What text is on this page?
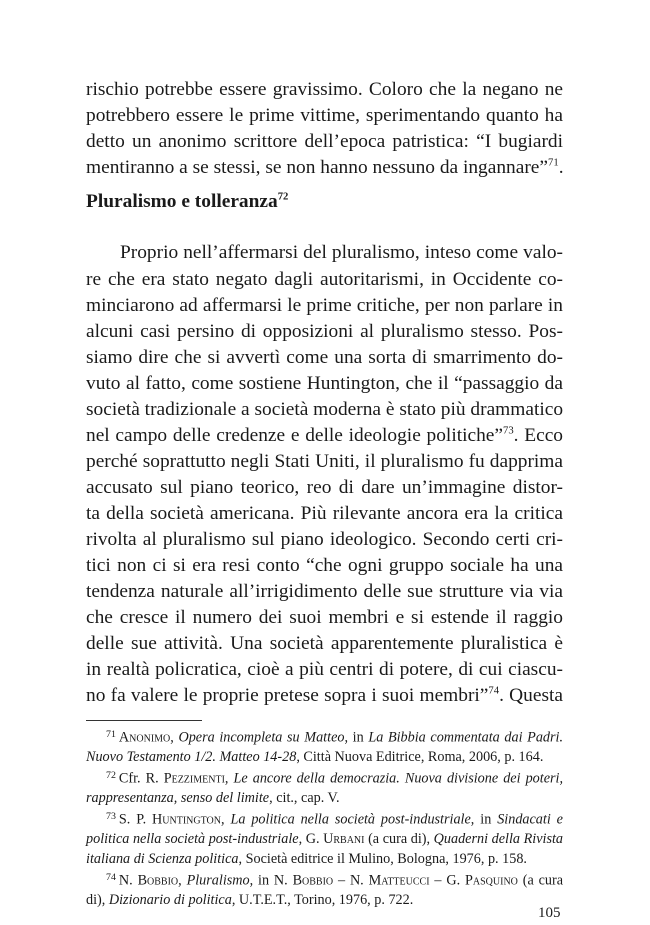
rischio potrebbe essere gravissimo. Coloro che la negano ne
potrebbero essere le prime vittime, sperimentando quanto ha
detto un anonimo scrittore dell’epoca patristica: “I bugiardi
mentiranno a se stessi, se non hanno nessuno da ingannare”$^{71}$.
Pluralismo e tolleranza$^{72}$
Proprio nell’affermarsi del pluralismo, inteso come valo-
re che era stato negato dagli autoritarismi, in Occidente co-
minciarono ad affermarsi le prime critiche, per non parlare in
alcuni casi persino di opposizioni al pluralismo stesso. Pos-
siamo dire che si avvertì come una sorta di smarrimento do-
vuto al fatto, come sostiene Huntington, che il “passaggio da
società tradizionale a società moderna è stato più drammatico
nel campo delle credenze e delle ideologie politiche”$^{73}$. Ecco
perché soprattutto negli Stati Uniti, il pluralismo fu dapprima
accusato sul piano teorico, reo di dare un’immagine distor-
ta della società americana. Più rilevante ancora era la critica
rivolta al pluralismo sul piano ideologico. Secondo certi cri-
tici non ci si era resi conto “che ogni gruppo sociale ha una
tendenza naturale all’irrigidimento delle sue strutture via via
che cresce il numero dei suoi membri e si estende il raggio
delle sue attività. Una società apparentemente pluralistica è
in realtà policratica, cioè a più centri di potere, di cui ciascu-
no fa valere le proprie pretese sopra i suoi membri”$^{74}$. Questa
$^{71}$ Anonimo, Opera incompleta su Matteo, in La Bibbia commentata dai Padri.
Nuovo Testamento 1/2. Matteo 14-28, Città Nuova Editrice, Roma, 2006, p. 164.
$^{72}$ Cfr. R. Pezzimenti, Le ancore della democrazia. Nuova divisione dei poteri,
rappresentanza, senso del limite, cit., cap. V.
$^{73}$ S. P. Huntington, La politica nella società post-industriale, in Sindacati e
politica nella società post-industriale, G. Urbani (a cura di), Quaderni della Rivista
italiana di Scienza politica, Società editrice il Mulino, Bologna, 1976, p. 158.
$^{74}$ N. Bobbio, Pluralismo, in N. Bobbio – N. Matteucci – G. Pasquino (a cura
di), Dizionario di politica, U.T.E.T., Torino, 1976, p. 722.
105
